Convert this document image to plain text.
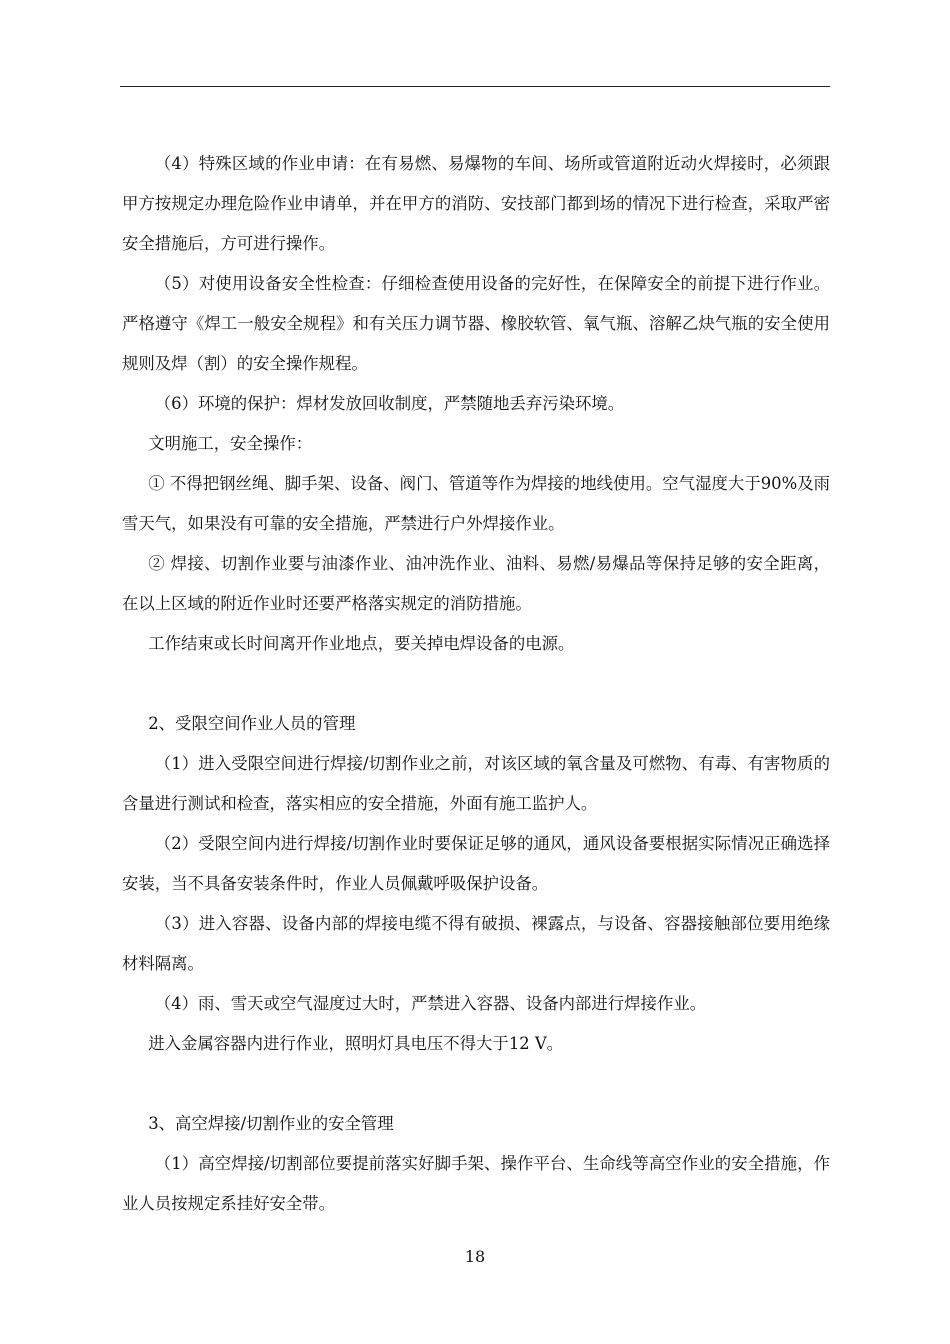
（4）特殊区域的作业申请：在有易燃、易爆物的车间、场所或管道附近动火焊接时，必须跟甲方按规定办理危险作业申请单，并在甲方的消防、安技部门都到场的情况下进行检查，采取严密安全措施后，方可进行操作。

（5）对使用设备安全性检查：仔细检查使用设备的完好性，在保障安全的前提下进行作业。严格遵守《焊工一般安全规程》和有关压力调节器、橡胶软管、氧气瓶、溶解乙炔气瓶的安全使用规则及焊（割）的安全操作规程。

（6）环境的保护：焊材发放回收制度，严禁随地丢弃污染环境。

文明施工，安全操作：

① 不得把钢丝绳、脚手架、设备、阀门、管道等作为焊接的地线使用。空气湿度大于90%及雨雪天气，如果没有可靠的安全措施，严禁进行户外焊接作业。

② 焊接、切割作业要与油漆作业、油冲洗作业、油料、易燃/易爆品等保持足够的安全距离，在以上区域的附近作业时还要严格落实规定的消防措施。

工作结束或长时间离开作业地点，要关掉电焊设备的电源。

2、受限空间作业人员的管理

（1）进入受限空间进行焊接/切割作业之前，对该区域的氧含量及可燃物、有毒、有害物质的含量进行测试和检查，落实相应的安全措施，外面有施工监护人。

（2）受限空间内进行焊接/切割作业时要保证足够的通风，通风设备要根据实际情况正确选择安装，当不具备安装条件时，作业人员佩戴呼吸保护设备。

（3）进入容器、设备内部的焊接电缆不得有破损、裸露点，与设备、容器接触部位要用绝缘材料隔离。

（4）雨、雪天或空气湿度过大时，严禁进入容器、设备内部进行焊接作业。

进入金属容器内进行作业，照明灯具电压不得大于12 V。

3、高空焊接/切割作业的安全管理

（1）高空焊接/切割部位要提前落实好脚手架、操作平台、生命线等高空作业的安全措施，作业人员按规定系挂好安全带。

18
